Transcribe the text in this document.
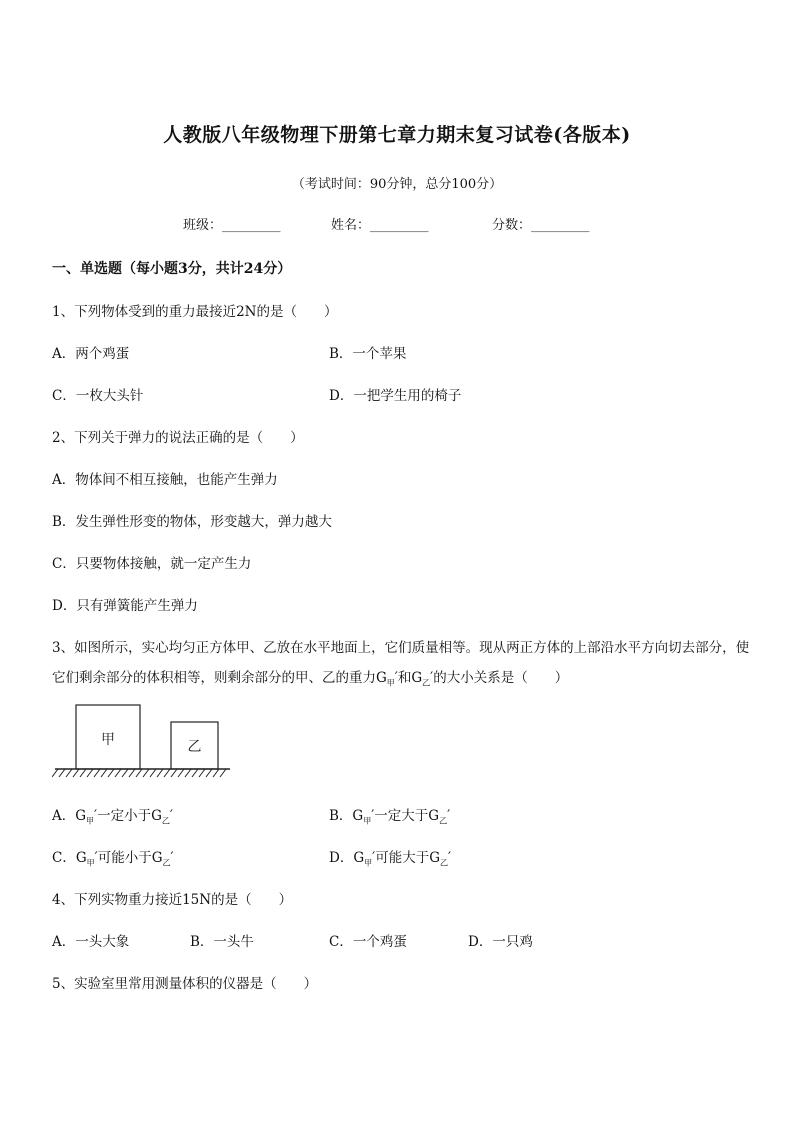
人教版八年级物理下册第七章力期末复习试卷(各版本)
（考试时间：90分钟，总分100分）
班级：_________	姓名：_________	分数：_________
一、单选题（每小题3分，共计24分）
1、下列物体受到的重力最接近2N的是（　　）
A．两个鸡蛋	B．一个苹果
C．一枚大头针	D．一把学生用的椅子
2、下列关于弹力的说法正确的是（　　）
A．物体间不相互接触，也能产生弹力
B．发生弹性形变的物体，形变越大，弹力越大
C．只要物体接触，就一定产生力
D．只有弹簧能产生弹力
3、如图所示，实心均匀正方体甲、乙放在水平地面上，它们质量相等。现从两正方体的上部沿水平方向切去部分，使它们剩余部分的体积相等，则剩余部分的甲、乙的重力$G_甲'$和$G_乙'$的大小关系是（　　）
甲	乙
A．$G_甲'$一定小于$G_乙'$	B．$G_甲'$一定大于$G_乙'$
C．$G_甲'$可能小于$G_乙'$	D．$G_甲'$可能大于$G_乙'$
4、下列实物重力接近15N的是（　　）
A．一头大象	B．一头牛	C．一个鸡蛋	D．一只鸡
5、实验室里常用测量体积的仪器是（　　）
